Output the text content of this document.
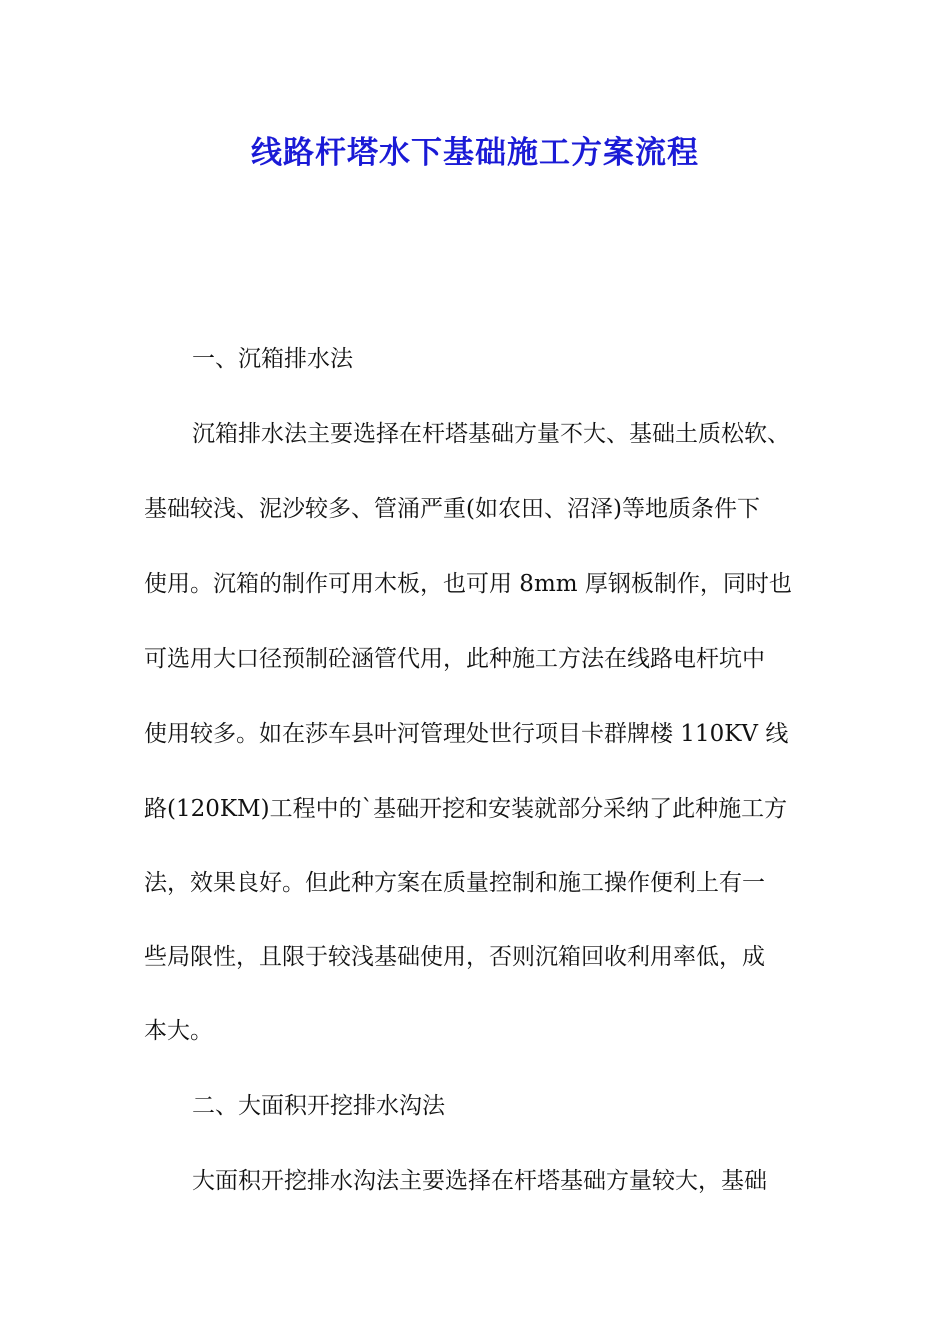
线路杆塔水下基础施工方案流程

一、沉箱排水法

沉箱排水法主要选择在杆塔基础方量不大、基础土质松软、

基础较浅、泥沙较多、管涌严重(如农田、沼泽)等地质条件下

使用。沉箱的制作可用木板，也可用 8mm 厚钢板制作，同时也

可选用大口径预制砼涵管代用，此种施工方法在线路电杆坑中

使用较多。如在莎车县叶河管理处世行项目卡群牌楼 110KV 线

路(120KM)工程中的`基础开挖和安装就部分采纳了此种施工方

法，效果良好。但此种方案在质量控制和施工操作便利上有一

些局限性，且限于较浅基础使用，否则沉箱回收利用率低，成

本大。

二、大面积开挖排水沟法

大面积开挖排水沟法主要选择在杆塔基础方量较大，基础
